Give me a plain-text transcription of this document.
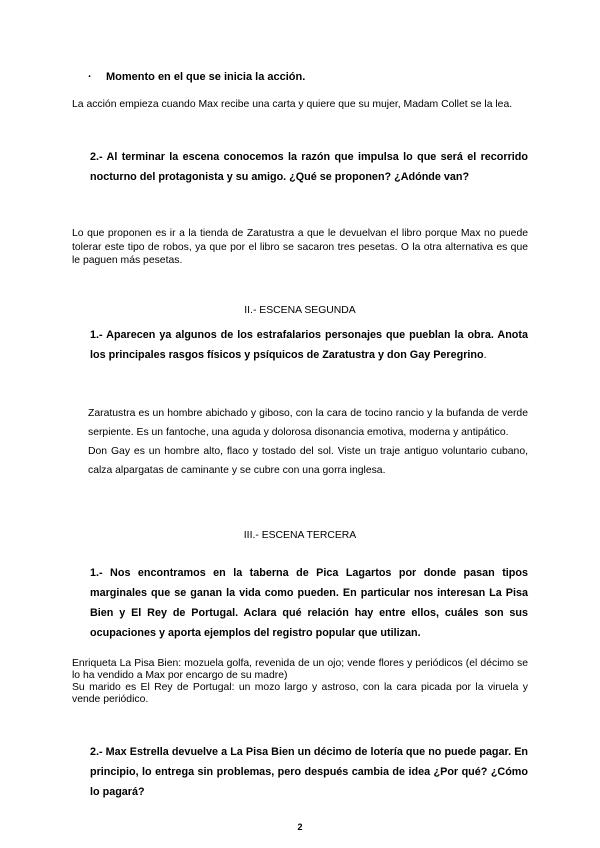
· Momento en el que se inicia la acción.

La acción empieza cuando Max recibe una carta y quiere que su mujer, Madam Collet se la lea.

2.- Al terminar la escena conocemos la razón que impulsa lo que será el recorrido nocturno del protagonista y su amigo. ¿Qué se proponen? ¿Adónde van?

Lo que proponen es ir a la tienda de Zaratustra a que le devuelvan el libro porque Max no puede tolerar este tipo de robos, ya que por el libro se sacaron tres pesetas. O la otra alternativa es que le paguen más pesetas.

II.- ESCENA SEGUNDA

1.- Aparecen ya algunos de los estrafalarios personajes que pueblan la obra. Anota los principales rasgos físicos y psíquicos de Zaratustra y don Gay Peregrino.

Zaratustra es un hombre abichado y giboso, con la cara de tocino rancio y la bufanda de verde serpiente. Es un fantoche, una aguda y dolorosa disonancia emotiva, moderna y antipático.

Don Gay es un hombre alto, flaco y tostado del sol. Viste un traje antiguo voluntario cubano, calza alpargatas de caminante y se cubre con una gorra inglesa.

III.- ESCENA TERCERA

1.- Nos encontramos en la taberna de Pica Lagartos por donde pasan tipos marginales que se ganan la vida como pueden. En particular nos interesan La Pisa Bien y El Rey de Portugal. Aclara qué relación hay entre ellos, cuáles son sus ocupaciones y aporta ejemplos del registro popular que utilizan.

Enriqueta La Pisa Bien: mozuela golfa, revenida de un ojo; vende flores y periódicos (el décimo se lo ha vendido a Max por encargo de su madre)

Su marido es El Rey de Portugal: un mozo largo y astroso, con la cara picada por la viruela y vende periódico.

2.- Max Estrella devuelve a La Pisa Bien un décimo de lotería que no puede pagar. En principio, lo entrega sin problemas, pero después cambia de idea ¿Por qué? ¿Cómo lo pagará?

2
